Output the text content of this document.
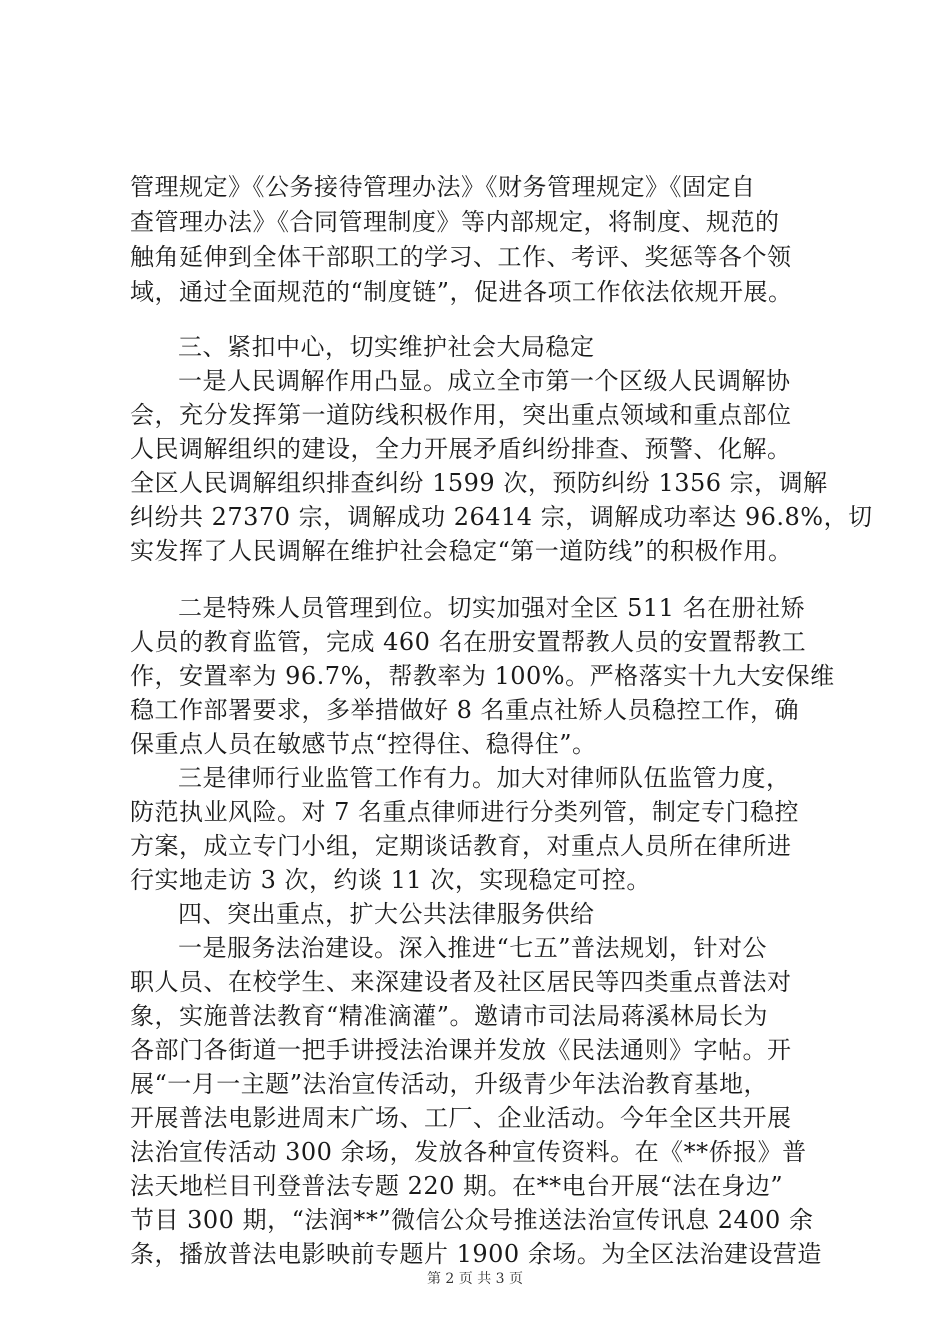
管理规定》《公务接待管理办法》《财务管理规定》《固定自
查管理办法》《合同管理制度》等内部规定，将制度、规范的
触角延伸到全体干部职工的学习、工作、考评、奖惩等各个领
域，通过全面规范的“制度链”，促进各项工作依法依规开展。
三、紧扣中心，切实维护社会大局稳定
一是人民调解作用凸显。成立全市第一个区级人民调解协
会，充分发挥第一道防线积极作用，突出重点领域和重点部位
人民调解组织的建设，全力开展矛盾纠纷排查、预警、化解。
全区人民调解组织排查纠纷 1599 次，预防纠纷 1356 宗，调解
纠纷共 27370 宗，调解成功 26414 宗，调解成功率达 96.8%，切
实发挥了人民调解在维护社会稳定“第一道防线”的积极作用。
二是特殊人员管理到位。切实加强对全区 511 名在册社矫
人员的教育监管，完成 460 名在册安置帮教人员的安置帮教工
作，安置率为 96.7%，帮教率为 100%。严格落实十九大安保维
稳工作部署要求，多举措做好 8 名重点社矫人员稳控工作，确
保重点人员在敏感节点“控得住、稳得住”。
三是律师行业监管工作有力。加大对律师队伍监管力度，
防范执业风险。对 7 名重点律师进行分类列管，制定专门稳控
方案，成立专门小组，定期谈话教育，对重点人员所在律所进
行实地走访 3 次，约谈 11 次，实现稳定可控。
四、突出重点，扩大公共法律服务供给
一是服务法治建设。深入推进“七五”普法规划，针对公
职人员、在校学生、来深建设者及社区居民等四类重点普法对
象，实施普法教育“精准滴灌”。邀请市司法局蒋溪林局长为
各部门各街道一把手讲授法治课并发放《民法通则》字帖。开
展“一月一主题”法治宣传活动，升级青少年法治教育基地，
开展普法电影进周末广场、工厂、企业活动。今年全区共开展
法治宣传活动 300 余场，发放各种宣传资料。在《**侨报》普
法天地栏目刊登普法专题 220 期。在**电台开展“法在身边”
节目 300 期，“法润**”微信公众号推送法治宣传讯息 2400 余
条，播放普法电影映前专题片 1900 余场。为全区法治建设营造
第 2 页 共 3 页
